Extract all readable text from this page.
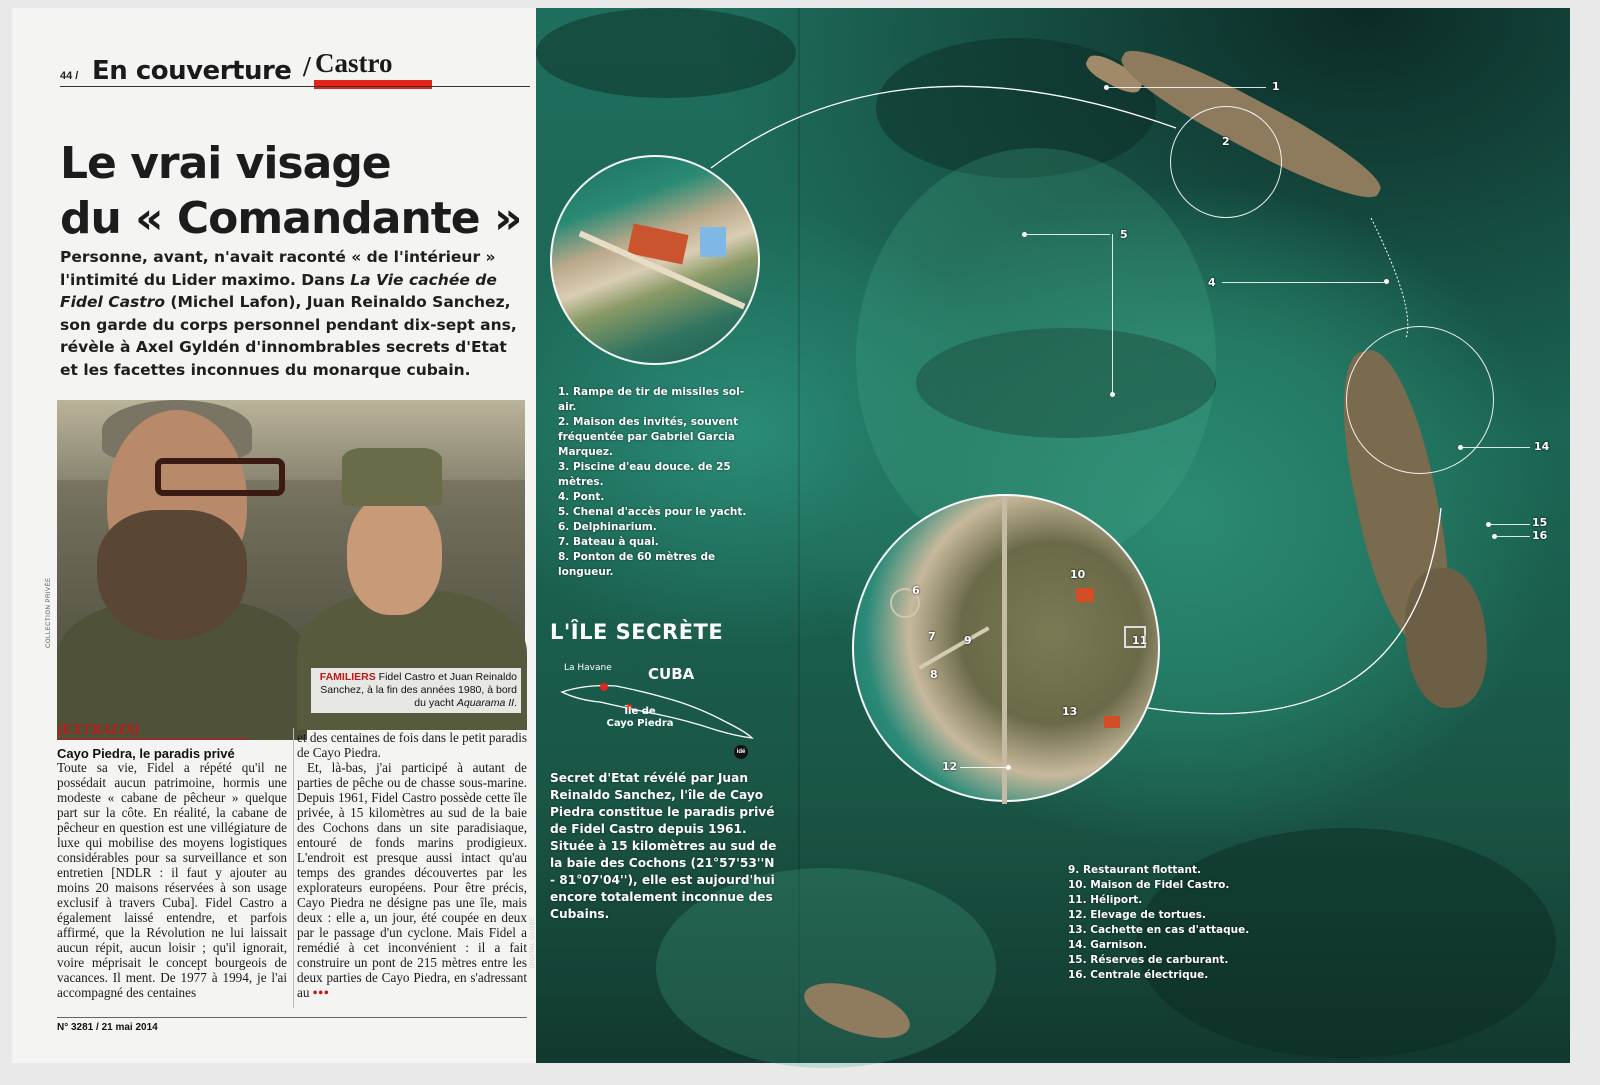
44 / En couverture / Castro
Le vrai visage
du « Comandante »

Personne, avant, n'avait raconté « de l'intérieur » l'intimité du Lider maximo. Dans La Vie cachée de Fidel Castro (Michel Lafon), Juan Reinaldo Sanchez, son garde du corps personnel pendant dix-sept ans, révèle à Axel Gyldén d'innombrables secrets d'Etat et les facettes inconnues du monarque cubain.

FAMILIERS Fidel Castro et Juan Reinaldo Sanchez, à la fin des années 1980, à bord du yacht Aquarama II.
COLLECTION PRIVÉE
[EXTRAITS]
Cayo Piedra, le paradis privé

Toute sa vie, Fidel a répété qu'il ne possédait aucun patrimoine, hormis une modeste « cabane de pêcheur » quelque part sur la côte. En réalité, la cabane de pêcheur en question est une villégiature de luxe qui mobilise des moyens logistiques considérables pour sa surveillance et son entretien [NDLR : il faut y ajouter au moins 20 maisons réservées à son usage exclusif à travers Cuba]. Fidel Castro a également laissé entendre, et parfois affirmé, que la Révolution ne lui laissait aucun répit, aucun loisir ; qu'il ignorait, voire méprisait le concept bourgeois de vacances. Il ment. De 1977 à 1994, je l'ai accompagné des centaines

et des centaines de fois dans le petit paradis de Cayo Piedra.

Et, là-bas, j'ai participé à autant de parties de pêche ou de chasse sous-marine. Depuis 1961, Fidel Castro possède cette île privée, à 15 kilomètres au sud de la baie des Cochons dans un site paradisiaque, entouré de fonds marins prodigieux. L'endroit est presque aussi intact qu'au temps des grandes découvertes par les explorateurs européens. Pour être précis, Cayo Piedra ne désigne pas une île, mais deux : elle a, un jour, été coupée en deux par le passage d'un cyclone. Mais Fidel a remédié à cet inconvénient : il a fait construire un pont de 215 mètres entre les deux parties de Cayo Piedra, en s'adressant au •••

N° 3281 / 21 mai 2014
1
2
4
5
6
7
8
9
10
11
12
13
14
15
16
1. Rampe de tir de missiles sol-air.
2. Maison des invités, souvent fréquentée par Gabriel Garcia Marquez.
3. Piscine d'eau douce. de 25 mètres.
4. Pont.
5. Chenal d'accès pour le yacht.
6. Delphinarium.
7. Bateau à quai.
8. Ponton de 60 mètres de longueur.
L'ÎLE SECRÈTE
La Havane CUBA
Île de
Cayo Piedra
idé

Secret d'Etat révélé par Juan Reinaldo Sanchez, l'île de Cayo Piedra constitue le paradis privé de Fidel Castro depuis 1961. Située à 15 kilomètres au sud de la baie des Cochons (21°57'53''N - 81°07'04''), elle est aujourd'hui encore totalement inconnue des Cubains.

9. Restaurant flottant.
10. Maison de Fidel Castro.
11. Héliport.
12. Elevage de tortues.
13. Cachette en cas d'attaque.
14. Garnison.
15. Réserves de carburant.
16. Centrale électrique.
DIGITAL GLOBE
